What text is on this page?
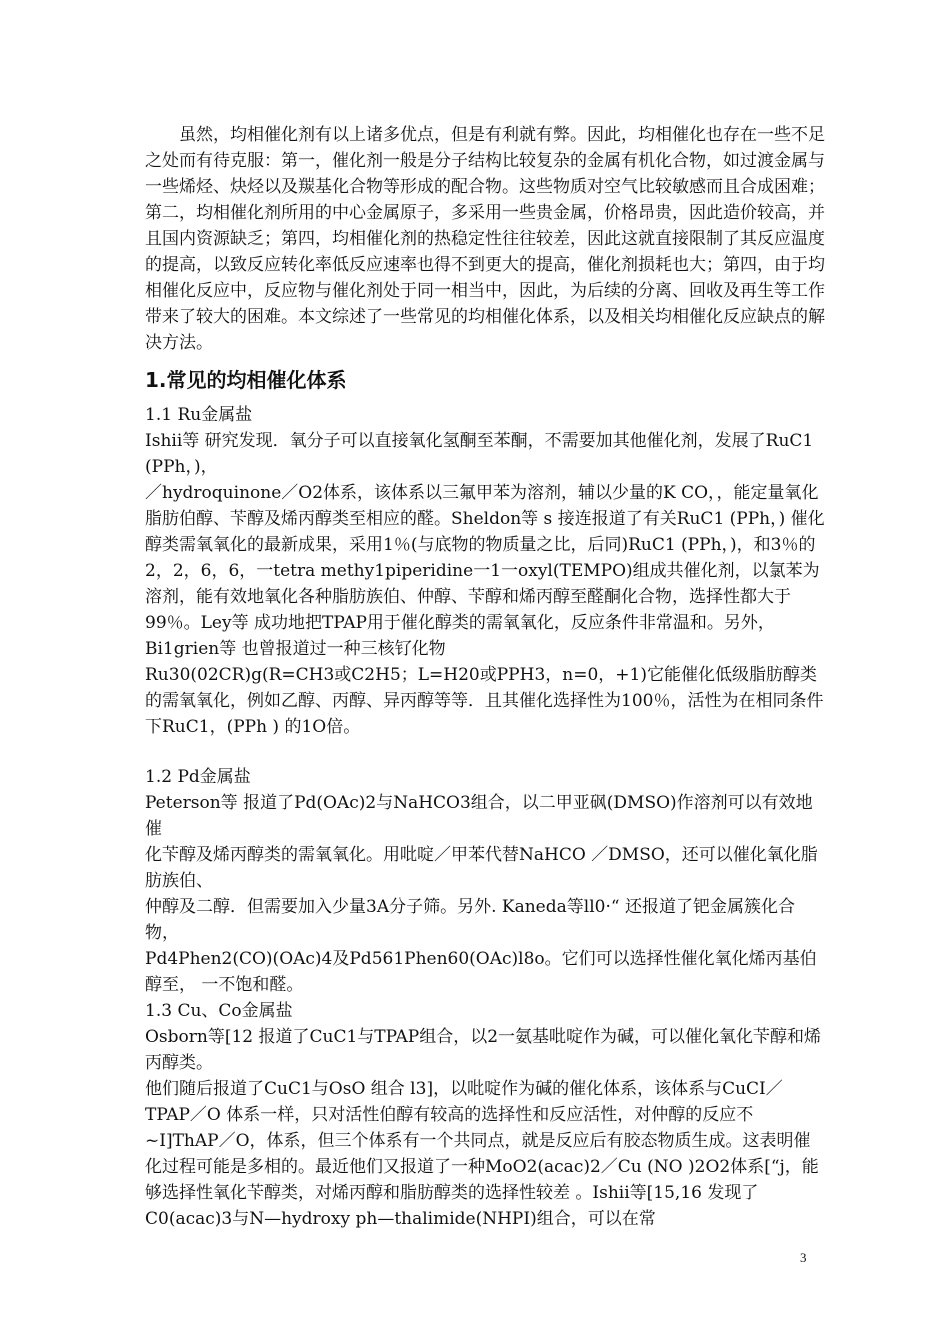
虽然，均相催化剂有以上诸多优点，但是有利就有弊。因此，均相催化也存在一些不足之处而有待克服：第一，催化剂一般是分子结构比较复杂的金属有机化合物，如过渡金属与一些烯烃、炔烃以及羰基化合物等形成的配合物。这些物质对空气比较敏感而且合成困难；第二，均相催化剂所用的中心金属原子，多采用一些贵金属，价格昂贵，因此造价较高，并且国内资源缺乏；第四，均相催化剂的热稳定性往往较差，因此这就直接限制了其反应温度的提高，以致反应转化率低反应速率也得不到更大的提高，催化剂损耗也大；第四，由于均相催化反应中，反应物与催化剂处于同一相当中，因此，为后续的分离、回收及再生等工作带来了较大的困难。本文综述了一些常见的均相催化体系，以及相关均相催化反应缺点的解决方法。

1.常见的均相催化体系

1.1 Ru金属盐

Ishii等 研究发现．氧分子可以直接氧化氢酮至苯酮，不需要加其他催化剂，发展了RuC1 (PPh，)，

／hydroquinone／O2体系，该体系以三氟甲苯为溶剂，辅以少量的K CO，，能定量氧化脂肪伯醇、苄醇及烯丙醇类至相应的醛。Sheldon等 s 接连报道了有关RuC1 (PPh，) 催化醇类需氧氧化的最新成果，采用1％(与底物的物质量之比，后同)RuC1 (PPh，)，和3％的2，2，6，6，一tetra methy1piperidine一1一oxyl(TEMPO)组成共催化剂，以氯苯为溶剂，能有效地氧化各种脂肪族伯、仲醇、苄醇和烯丙醇至醛酮化合物，选择性都大于99％。Ley等 成功地把TPAP用于催化醇类的需氧氧化，反应条件非常温和。另外，Bi1grien等 也曾报道过一种三核钌化物

Ru30(02CR)g(R=CH3或C2H5；L=H20或PPH3，n=0，+1)它能催化低级脂肪醇类的需氧氧化，例如乙醇、丙醇、异丙醇等等．且其催化选择性为100％，活性为在相同条件下RuC1，(PPh ) 的1O倍。

1.2 Pd金属盐

Peterson等 报道了Pd(OAc)2与NaHCO3组合，以二甲亚砜(DMSO)作溶剂可以有效地催

化苄醇及烯丙醇类的需氧氧化。用吡啶／甲苯代替NaHCO ／DMSO，还可以催化氧化脂肪族伯、

仲醇及二醇．但需要加入少量3A分子筛。另外. Kaneda等ll0·“ 还报道了钯金属簇化合物，

Pd4Phen2(CO)(OAc)4及Pd561Phen60(OAc)l8o。它们可以选择性催化氧化烯丙基伯醇至， 一不饱和醛。

1.3 Cu、Co金属盐

Osborn等[12 报道了CuC1与TPAP组合，以2一氨基吡啶作为碱，可以催化氧化苄醇和烯丙醇类。

他们随后报道了CuC1与OsO 组合 l3]，以吡啶作为碱的催化体系，该体系与CuCI／TPAP／O 体系一样，只对活性伯醇有较高的选择性和反应活性，对仲醇的反应不~I]ThAP／O，体系，但三个体系有一个共同点，就是反应后有胶态物质生成。这表明催化过程可能是多相的。最近他们又报道了一种MoO2(acac)2／Cu (NO )2O2体系[“j，能够选择性氧化苄醇类，对烯丙醇和脂肪醇类的选择性较差 。Ishii等[15,16 发现了C0(acac)3与N—hydroxy ph—thalimide(NHPI)组合，可以在常

3
